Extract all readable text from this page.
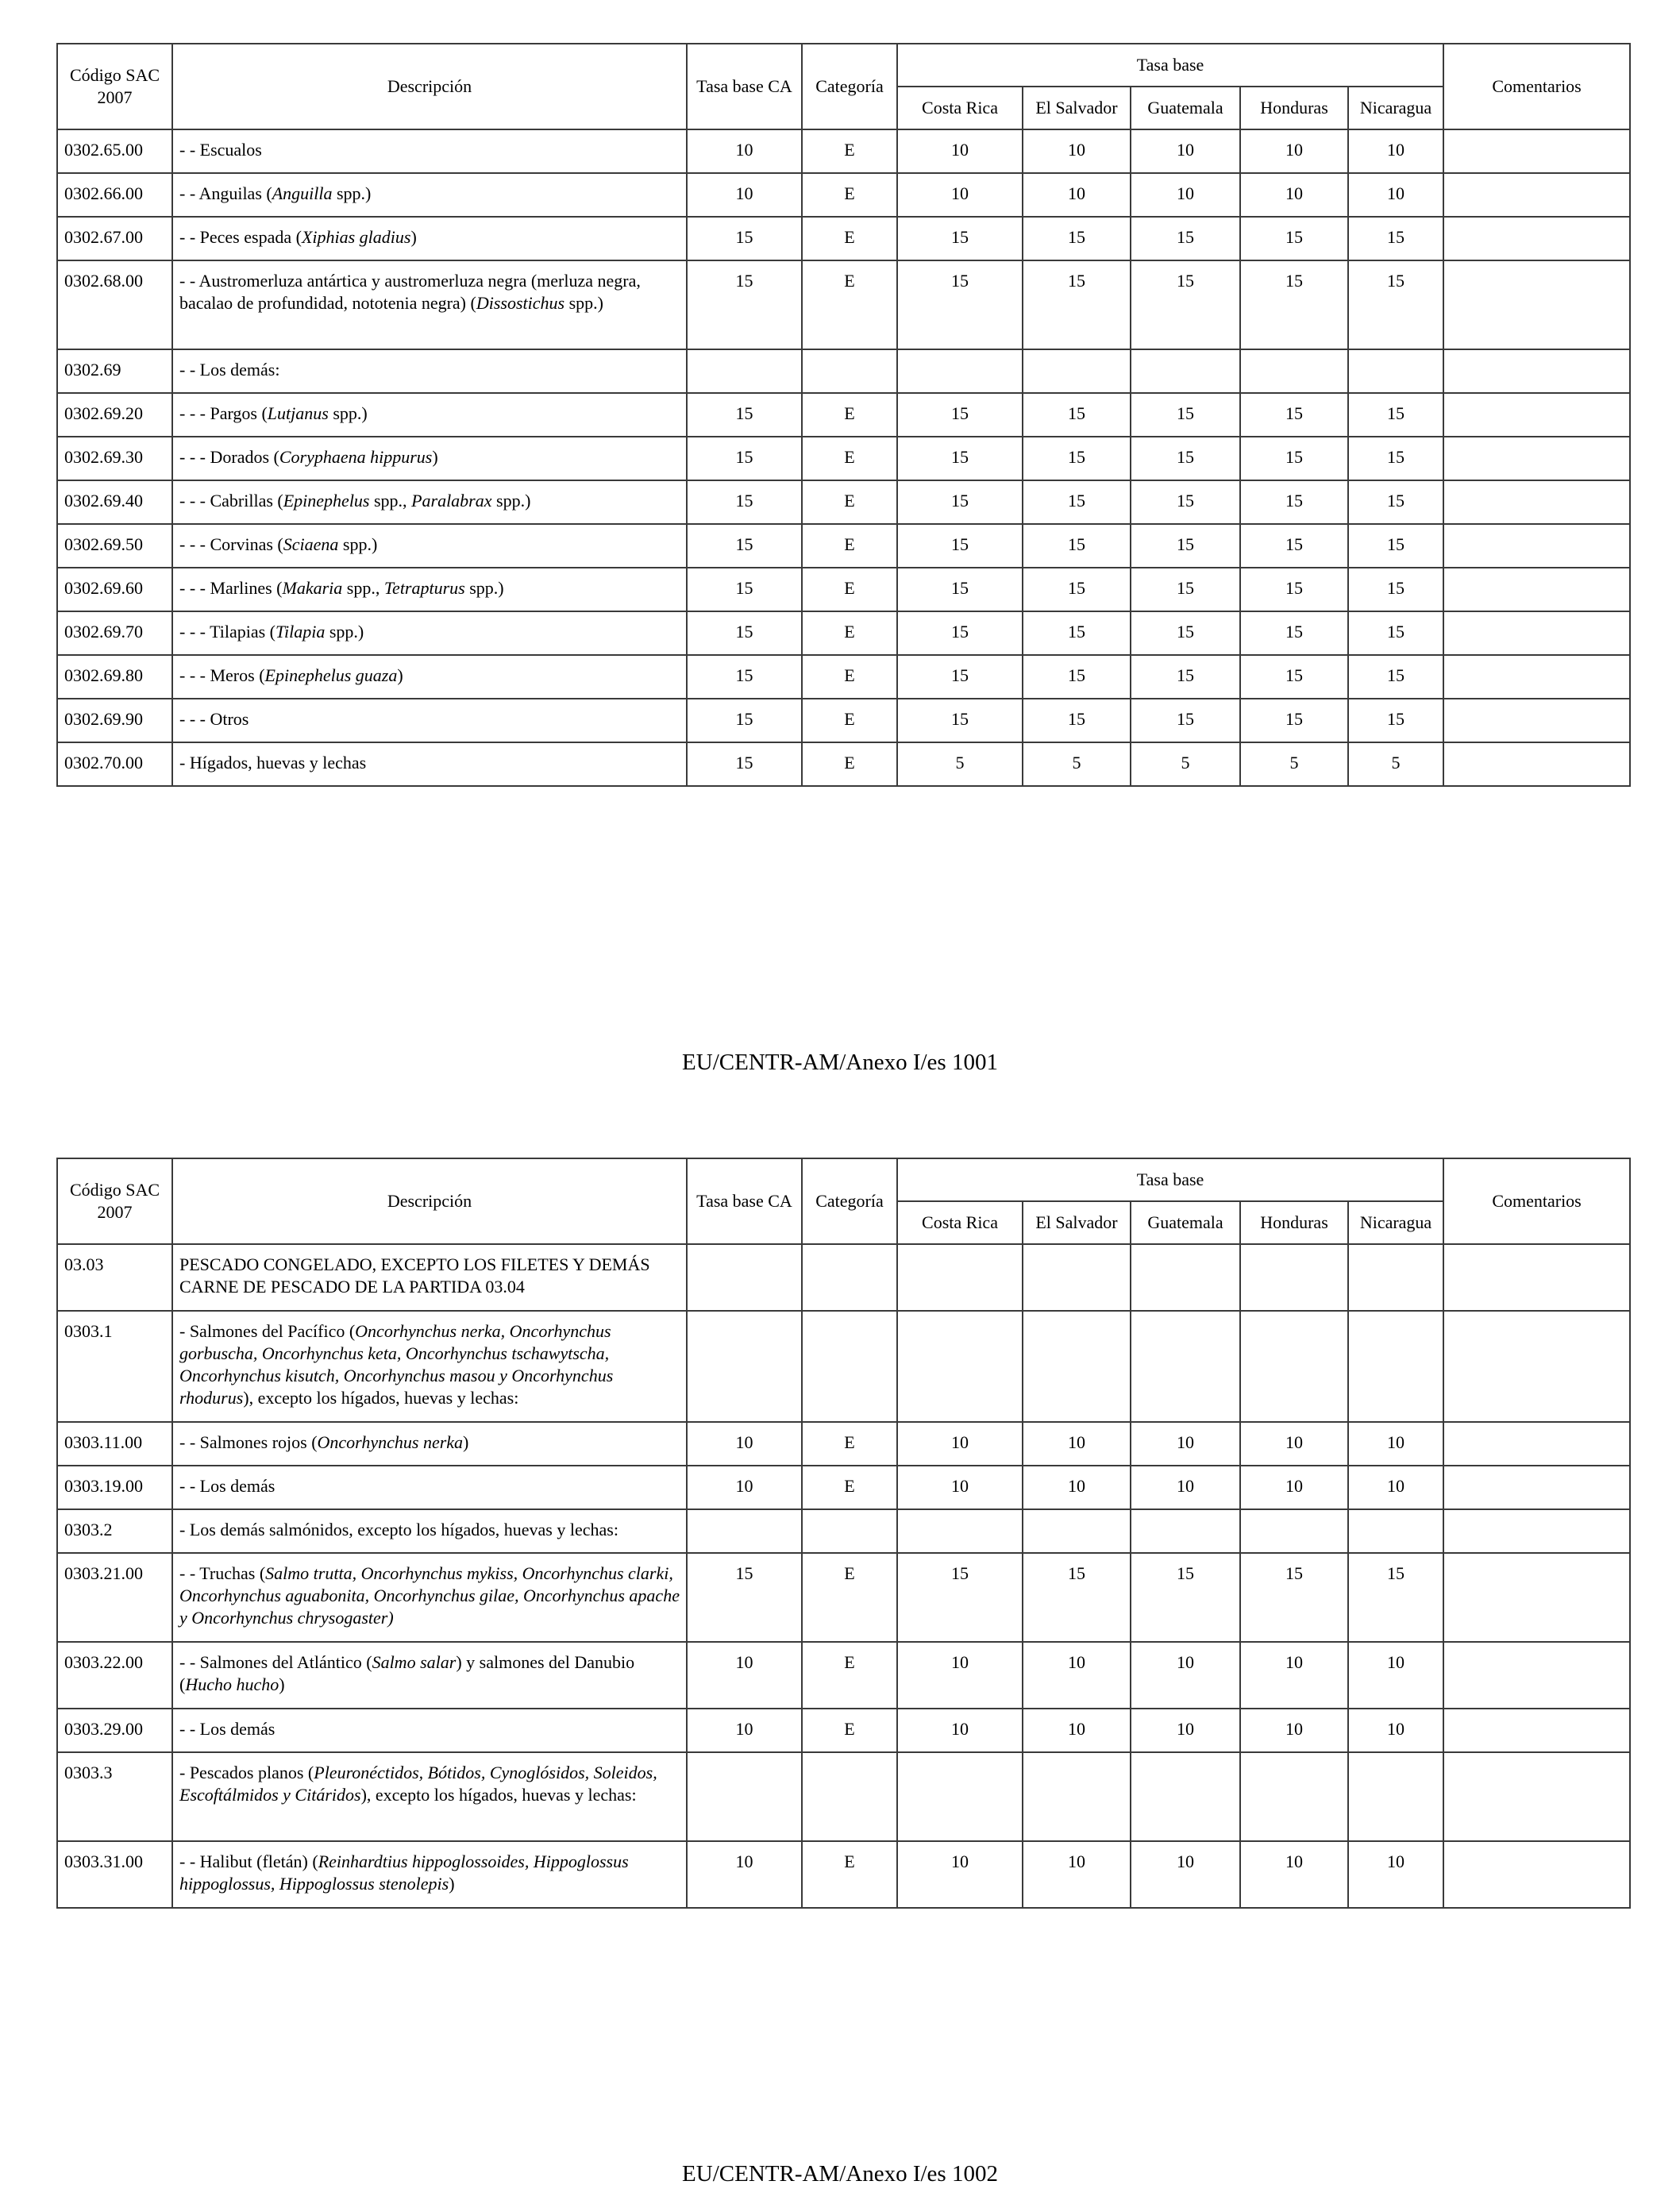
Código SAC 2007	Descripción	Tasa base CA	Categoría	Tasa base					Comentarios
				Costa Rica	El Salvador	Guatemala	Honduras	Nicaragua	
0302.65.00	- - Escualos	10	E	10	10	10	10	10	
0302.66.00	- - Anguilas (Anguilla spp.)	10	E	10	10	10	10	10	
0302.67.00	- - Peces espada (Xiphias gladius)	15	E	15	15	15	15	15	
0302.68.00	- - Austromerluza antártica y austromerluza negra (merluza negra, bacalao de profundidad, nototenia negra) (Dissostichus spp.)	15	E	15	15	15	15	15	
0302.69	- - Los demás:								
0302.69.20	- - - Pargos (Lutjanus spp.)	15	E	15	15	15	15	15	
0302.69.30	- - - Dorados (Coryphaena hippurus)	15	E	15	15	15	15	15	
0302.69.40	- - - Cabrillas (Epinephelus spp., Paralabrax spp.)	15	E	15	15	15	15	15	
0302.69.50	- - - Corvinas (Sciaena spp.)	15	E	15	15	15	15	15	
0302.69.60	- - - Marlines (Makaria spp., Tetrapturus spp.)	15	E	15	15	15	15	15	
0302.69.70	- - - Tilapias (Tilapia spp.)	15	E	15	15	15	15	15	
0302.69.80	- - - Meros (Epinephelus guaza)	15	E	15	15	15	15	15	
0302.69.90	- - - Otros	15	E	15	15	15	15	15	
0302.70.00	- Hígados, huevas y lechas	15	E	5	5	5	5	5	
EU/CENTR-AM/Anexo I/es 1001
Código SAC 2007	Descripción	Tasa base CA	Categoría	Tasa base					Comentarios
				Costa Rica	El Salvador	Guatemala	Honduras	Nicaragua	
03.03	PESCADO CONGELADO, EXCEPTO LOS FILETES Y DEMÁS CARNE DE PESCADO DE LA PARTIDA 03.04								
0303.1	- Salmones del Pacífico (Oncorhynchus nerka, Oncorhynchus gorbuscha, Oncorhynchus keta, Oncorhynchus tschawytscha, Oncorhynchus kisutch, Oncorhynchus masou y Oncorhynchus rhodurus), excepto los hígados, huevas y lechas:								
0303.11.00	- - Salmones rojos (Oncorhynchus nerka)	10	E	10	10	10	10	10	
0303.19.00	- - Los demás	10	E	10	10	10	10	10	
0303.2	- Los demás salmónidos, excepto los hígados, huevas y lechas:								
0303.21.00	- - Truchas (Salmo trutta, Oncorhynchus mykiss, Oncorhynchus clarki, Oncorhynchus aguabonita, Oncorhynchus gilae, Oncorhynchus apache y Oncorhynchus chrysogaster)	15	E	15	15	15	15	15	
0303.22.00	- - Salmones del Atlántico (Salmo salar) y salmones del Danubio (Hucho hucho)	10	E	10	10	10	10	10	
0303.29.00	- - Los demás	10	E	10	10	10	10	10	
0303.3	- Pescados planos (Pleuronéctidos, Bótidos, Cynoglósidos, Soleidos, Escoftálmidos y Citáridos), excepto los hígados, huevas y lechas:								
0303.31.00	- - Halibut (fletán) (Reinhardtius hippoglossoides, Hippoglossus hippoglossus, Hippoglossus stenolepis)	10	E	10	10	10	10	10	
EU/CENTR-AM/Anexo I/es 1002
